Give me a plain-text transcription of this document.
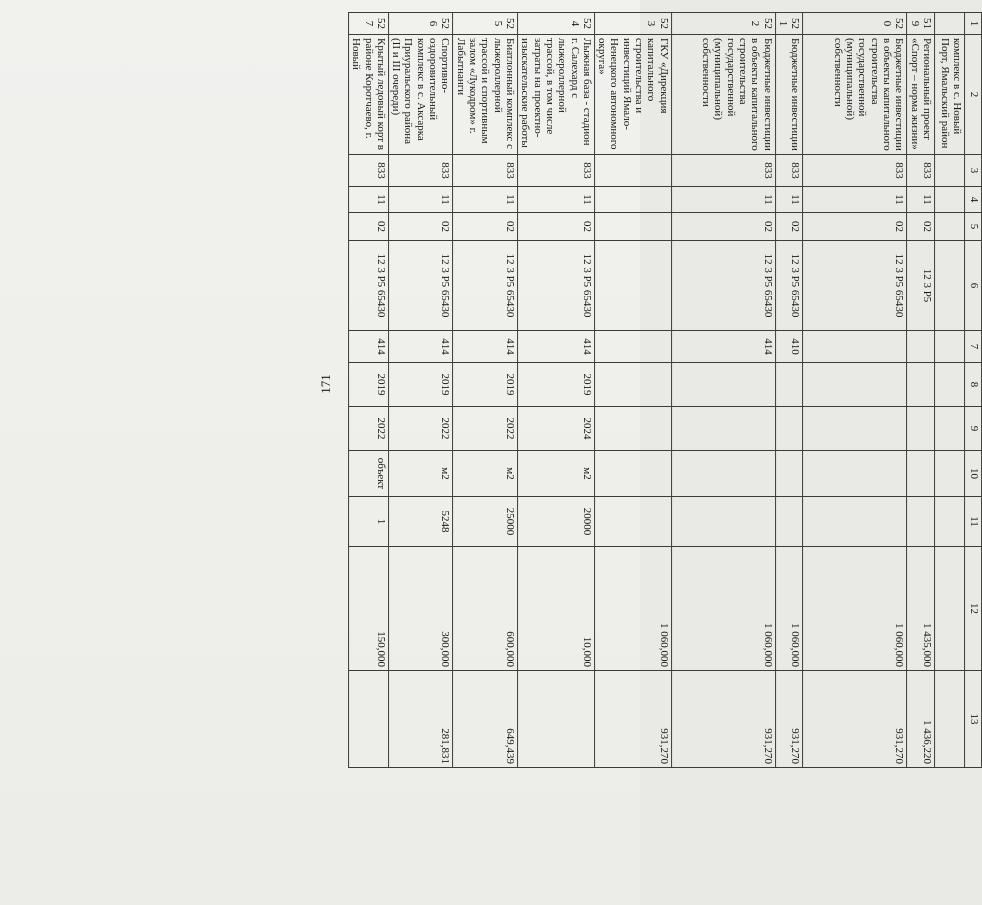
171
1	2	3	4	5	6	7	8	9	10	11	12	13
	комплекс в с. Новый Порт, Ямальский район											
519	Региональный проект «Спорт – норма жизни»	833	11	02	12 3 Р5						1 435,000	1 436,220
520	Бюджетные инвестиции в объекты капитального строительства государственной (муниципальной) собственности	833	11	02	12 3 Р5 65430						1 060,000	931,270
521	Бюджетные инвестиции	833	11	02	12 3 Р5 65430	410					1 060,000	931,270
522	Бюджетные инвестиции в объекты капитального строительства государственной (муниципальной) собственности	833	11	02	12 3 Р5 65430	414					1 060,000	931,270
523	ГКУ «Дирекция капитального строительства и инвестиций Ямало-Ненецкого автономного округа»										1 060,000	931,270
524	Лыжная база - стадион г. Салехард с лыжероллерной трассой, в том числе затраты на проектно-изыскательские работы	833	11	02	12 3 Р5 65430	414	2019	2024	м2	20000	10,000	
525	Биатлонный комплекс с лыжероллерной трассой и спортивным залом «Лукодром» г. Лабытнанги	833	11	02	12 3 Р5 65430	414	2019	2022	м2	25000	600,000	649,439
526	Спортивно-оздоровительный комплекс в с. Аксарка Приуральского района (II и III очереди)	833	11	02	12 3 Р5 65430	414	2019	2022	м2	5248	300,000	281,831
527	Крытый ледовый корт в районе Коротчаево, г. Новый	833	11	02	12 3 Р5 65430	414	2019	2022	объект	1	150,000	
